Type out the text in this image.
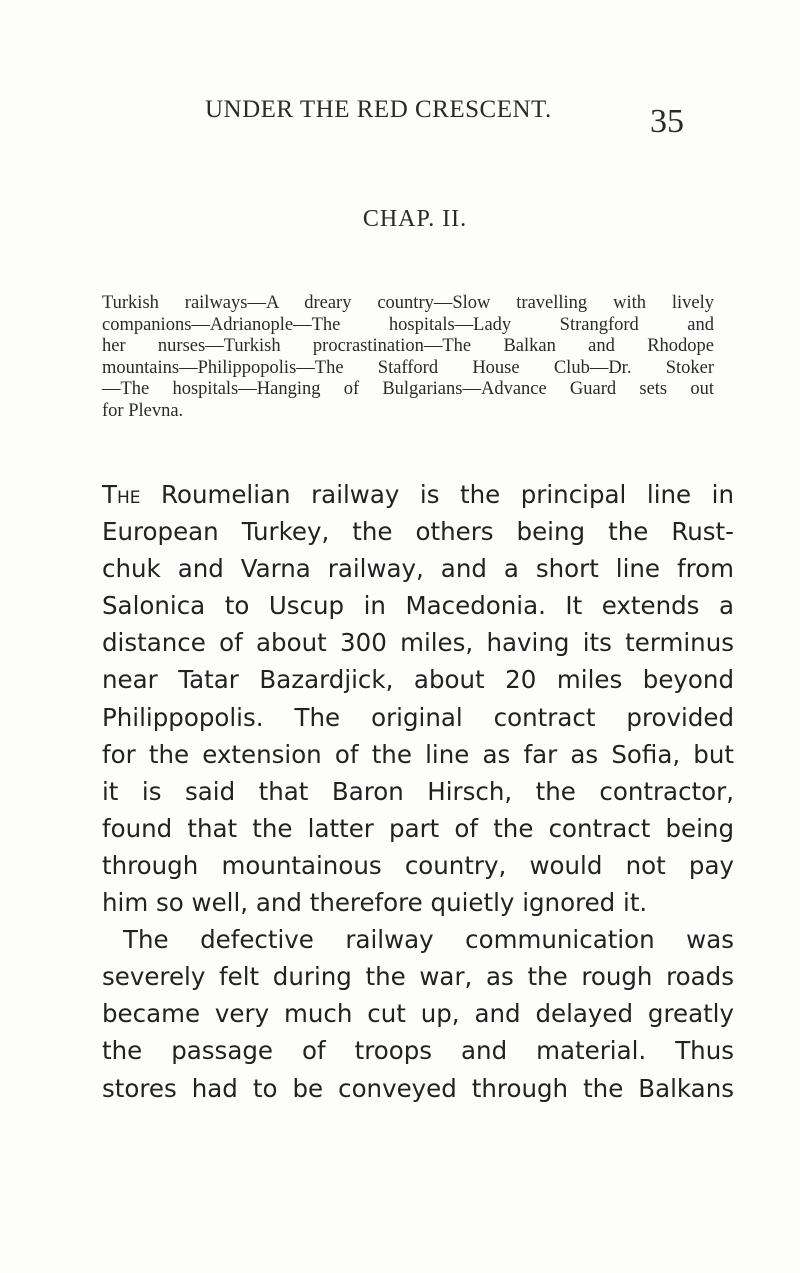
UNDER THE RED CRESCENT.	35
CHAP. II.
Turkish railways—A dreary country—Slow travelling with lively
companions—Adrianople—The hospitals—Lady Strangford and
her nurses—Turkish procrastination—The Balkan and Rhodope
mountains—Philippopolis—The Stafford House Club—Dr. Stoker
—The hospitals—Hanging of Bulgarians—Advance Guard sets out
for Plevna.
The Roumelian railway is the principal line in
European Turkey, the others being the Rust-
chuk and Varna railway, and a short line from
Salonica to Uscup in Macedonia. It extends a
distance of about 300 miles, having its terminus
near Tatar Bazardjick, about 20 miles beyond
Philippopolis. The original contract provided
for the extension of the line as far as Sofia, but
it is said that Baron Hirsch, the contractor,
found that the latter part of the contract being
through mountainous country, would not pay
him so well, and therefore quietly ignored it.
The defective railway communication was
severely felt during the war, as the rough roads
became very much cut up, and delayed greatly
the passage of troops and material. Thus
stores had to be conveyed through the Balkans
